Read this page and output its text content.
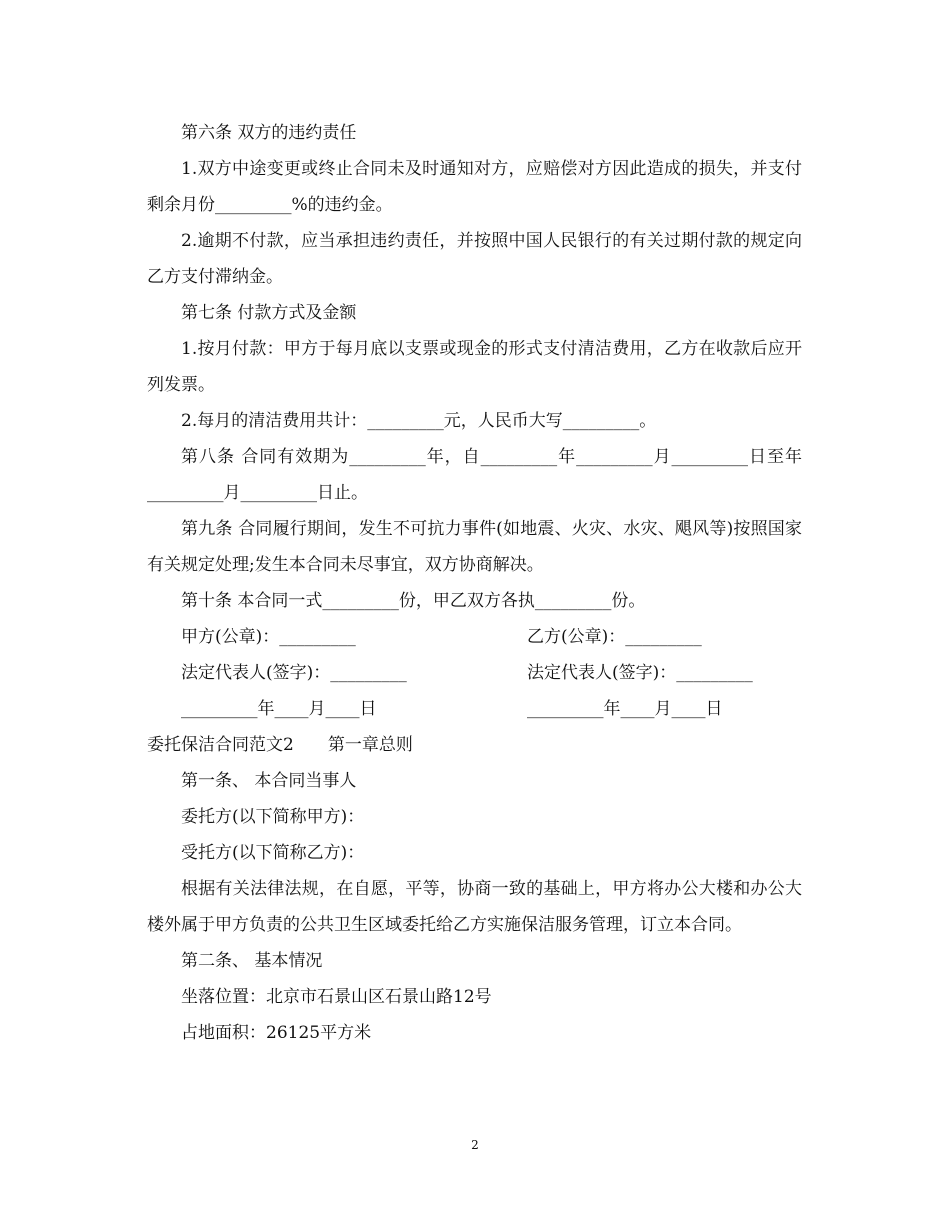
第六条 双方的违约责任

1.双方中途变更或终止合同未及时通知对方，应赔偿对方因此造成的损失，并支付剩余月份_________%的违约金。

2.逾期不付款，应当承担违约责任，并按照中国人民银行的有关过期付款的规定向乙方支付滞纳金。

第七条 付款方式及金额

1.按月付款：甲方于每月底以支票或现金的形式支付清洁费用，乙方在收款后应开列发票。

2.每月的清洁费用共计：_________元，人民币大写_________。

第八条 合同有效期为_________年，自_________年_________月_________日至年_________月_________日止。

第九条 合同履行期间，发生不可抗力事件(如地震、火灾、水灾、飓风等)按照国家有关规定处理;发生本合同未尽事宜，双方协商解决。

第十条 本合同一式_________份，甲乙双方各执_________份。

甲方(公章)：_________	乙方(公章)：_________
法定代表人(签字)：_________	法定代表人(签字)：_________
_________年____月____日	_________年____月____日

委托保洁合同范文2　　第一章总则

第一条、 本合同当事人

委托方(以下简称甲方)：

受托方(以下简称乙方)：

根据有关法律法规，在自愿，平等，协商一致的基础上，甲方将办公大楼和办公大楼外属于甲方负责的公共卫生区域委托给乙方实施保洁服务管理，订立本合同。

第二条、 基本情况

坐落位置：北京市石景山区石景山路12号

占地面积：26125平方米

2
